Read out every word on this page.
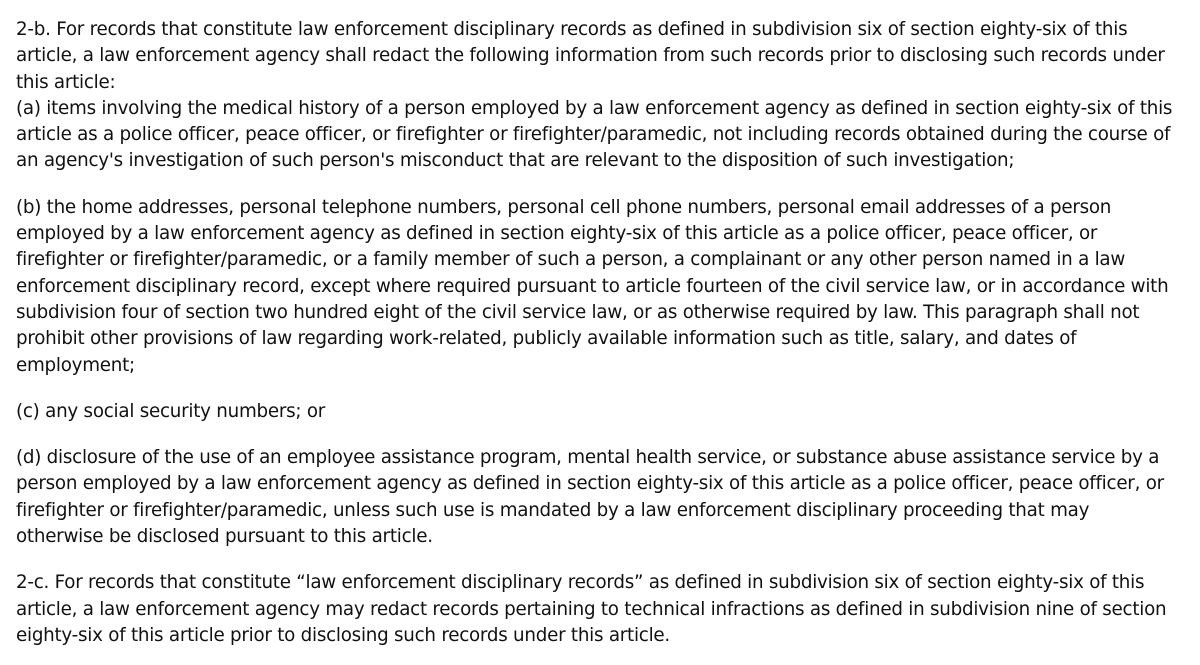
2-b. For records that constitute law enforcement disciplinary records as defined in subdivision six of section eighty-six of this article, a law enforcement agency shall redact the following information from such records prior to disclosing such records under this article:

(a) items involving the medical history of a person employed by a law enforcement agency as defined in section eighty-six of this article as a police officer, peace officer, or firefighter or firefighter/paramedic, not including records obtained during the course of an agency's investigation of such person's misconduct that are relevant to the disposition of such investigation;

(b) the home addresses, personal telephone numbers, personal cell phone numbers, personal email addresses of a person employed by a law enforcement agency as defined in section eighty-six of this article as a police officer, peace officer, or firefighter or firefighter/paramedic, or a family member of such a person, a complainant or any other person named in a law enforcement disciplinary record, except where required pursuant to article fourteen of the civil service law, or in accordance with subdivision four of section two hundred eight of the civil service law, or as otherwise required by law. This paragraph shall not prohibit other provisions of law regarding work-related, publicly available information such as title, salary, and dates of employment;

(c) any social security numbers; or

(d) disclosure of the use of an employee assistance program, mental health service, or substance abuse assistance service by a person employed by a law enforcement agency as defined in section eighty-six of this article as a police officer, peace officer, or firefighter or firefighter/paramedic, unless such use is mandated by a law enforcement disciplinary proceeding that may otherwise be disclosed pursuant to this article.

2-c. For records that constitute “law enforcement disciplinary records” as defined in subdivision six of section eighty-six of this article, a law enforcement agency may redact records pertaining to technical infractions as defined in subdivision nine of section eighty-six of this article prior to disclosing such records under this article.
